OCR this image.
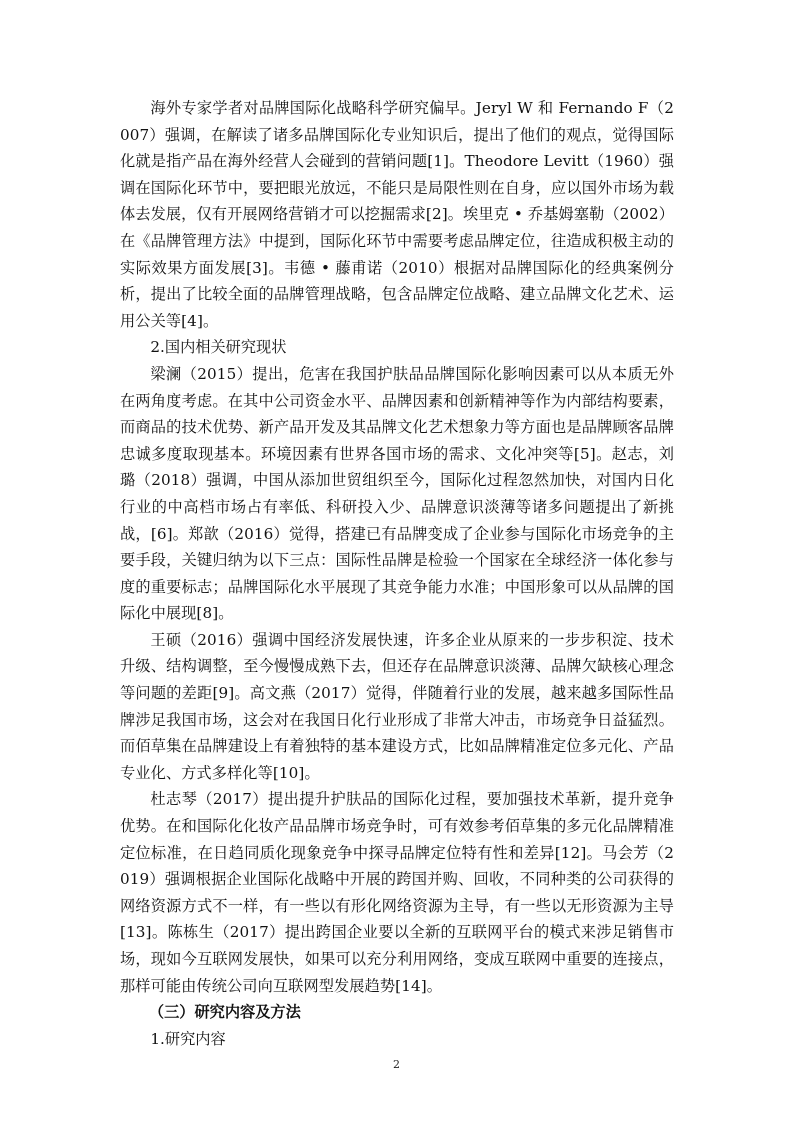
海外专家学者对品牌国际化战略科学研究偏早。Jeryl W 和 Fernando F（2007）强调，在解读了诸多品牌国际化专业知识后，提出了他们的观点，觉得国际化就是指产品在海外经营人会碰到的营销问题[1]。Theodore Levitt（1960）强调在国际化环节中，要把眼光放远，不能只是局限性则在自身，应以国外市场为载体去发展，仅有开展网络营销才可以挖掘需求[2]。埃里克 • 乔基姆塞勒（2002）在《品牌管理方法》中提到，国际化环节中需要考虑品牌定位，往造成积极主动的实际效果方面发展[3]。韦德 • 藤甫诺（2010）根据对品牌国际化的经典案例分析，提出了比较全面的品牌管理战略，包含品牌定位战略、建立品牌文化艺术、运用公关等[4]。

2.国内相关研究现状

梁澜（2015）提出，危害在我国护肤品品牌国际化影响因素可以从本质无外在两角度考虑。在其中公司资金水平、品牌因素和创新精神等作为内部结构要素，而商品的技术优势、新产品开发及其品牌文化艺术想象力等方面也是品牌顾客品牌忠诚多度取现基本。环境因素有世界各国市场的需求、文化冲突等[5]。赵志，刘璐（2018）强调，中国从添加世贸组织至今，国际化过程忽然加快，对国内日化行业的中高档市场占有率低、科研投入少、品牌意识淡薄等诸多问题提出了新挑战，[6]。郑歆（2016）觉得，搭建已有品牌变成了企业参与国际化市场竞争的主要手段，关键归纳为以下三点：国际性品牌是检验一个国家在全球经济一体化参与度的重要标志；品牌国际化水平展现了其竞争能力水准；中国形象可以从品牌的国际化中展现[8]。

王硕（2016）强调中国经济发展快速，许多企业从原来的一步步积淀、技术升级、结构调整，至今慢慢成熟下去，但还存在品牌意识淡薄、品牌欠缺核心理念等问题的差距[9]。高文燕（2017）觉得，伴随着行业的发展，越来越多国际性品牌涉足我国市场，这会对在我国日化行业形成了非常大冲击，市场竞争日益猛烈。而佰草集在品牌建设上有着独特的基本建设方式，比如品牌精准定位多元化、产品专业化、方式多样化等[10]。

杜志琴（2017）提出提升护肤品的国际化过程，要加强技术革新，提升竞争优势。在和国际化化妆产品品牌市场竞争时，可有效参考佰草集的多元化品牌精准定位标准，在日趋同质化现象竞争中探寻品牌定位特有性和差异[12]。马会芳（2019）强调根据企业国际化战略中开展的跨国并购、回收，不同种类的公司获得的网络资源方式不一样，有一些以有形化网络资源为主导，有一些以无形资源为主导[13]。陈栋生（2017）提出跨国企业要以全新的互联网平台的模式来涉足销售市场，现如今互联网发展快，如果可以充分利用网络，变成互联网中重要的连接点，那样可能由传统公司向互联网型发展趋势[14]。

（三）研究内容及方法

1.研究内容

2
